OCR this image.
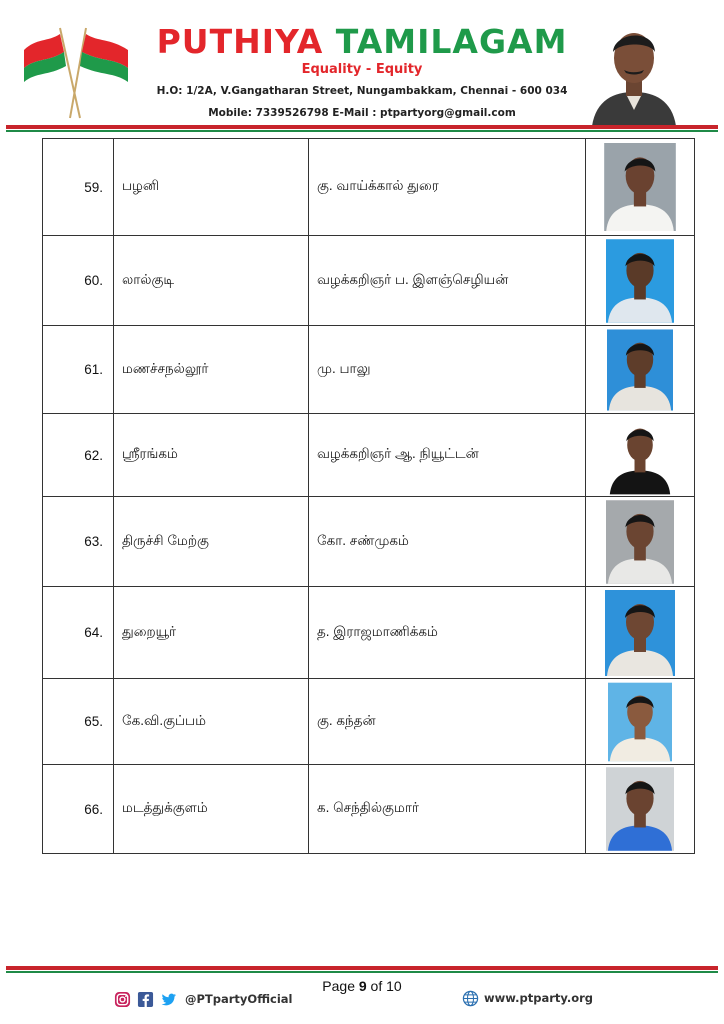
PUTHIYA TAMILAGAM
Equality - Equity
H.O: 1/2A, V.Gangatharan Street, Nungambakkam, Chennai - 600 034
Mobile: 7339526798 E-Mail : ptpartyorg@gmail.com
59.	பழனி	கு. வாய்க்கால் துரை	

60.	லால்குடி	வழக்கறிஞர் ப. இளஞ்செழியன்	

61.	மணச்சநல்லூர்	மு. பாலு	

62.	ஸ்ரீரங்கம்	வழக்கறிஞர் ஆ. நியூட்டன்	

63.	திருச்சி மேற்கு	கோ. சண்முகம்	

64.	துறையூர்	த. இராஜமாணிக்கம்	

65.	கே.வி.குப்பம்	கு. கந்தன்	

66.	மடத்துக்குளம்	க. செந்தில்குமார்	
Page 9 of 10
@PTpartyOfficial	www.ptparty.org
